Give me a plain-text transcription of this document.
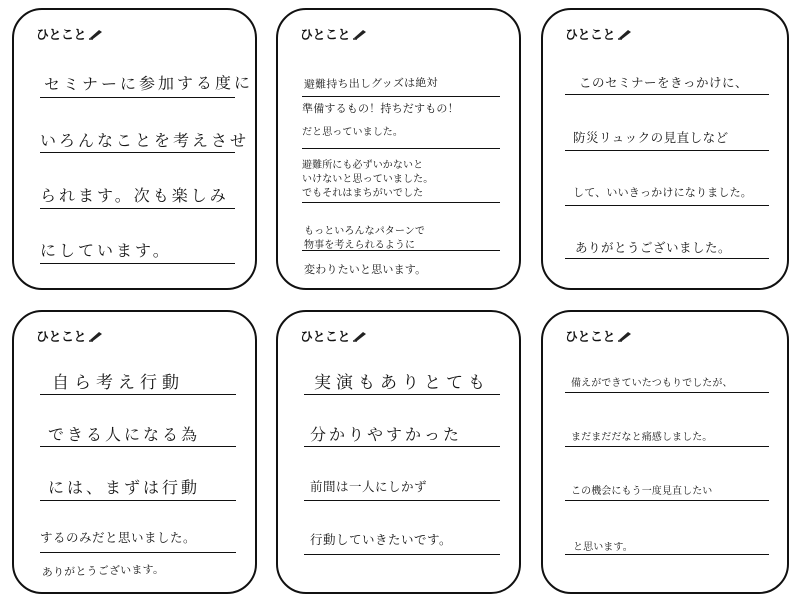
ひとこと
セミナーに参加する度に
いろんなことを考えさせ
られます。次も楽しみ
にしています。
ひとこと
避難持ち出しグッズは絶対
準備するもの！持ちだすもの！
だと思っていました。
避難所にも必ずいかないと
いけないと思っていました。
でもそれはまちがいでした
もっといろんなパターンで
物事を考えられるように
変わりたいと思います。
ひとこと
このセミナーをきっかけに、
防災リュックの見直しなど
して、いいきっかけになりました。
ありがとうございました。
ひとこと
自ら考え行動
できる人になる為
には、まずは行動
するのみだと思いました。
ありがとうございます。
ひとこと
実演もありとても
分かりやすかった
前間は一人にしかず
行動していきたいです。
ひとこと
備えができていたつもりでしたが、
まだまだだなと痛感しました。
この機会にもう一度見直したい
と思います。
